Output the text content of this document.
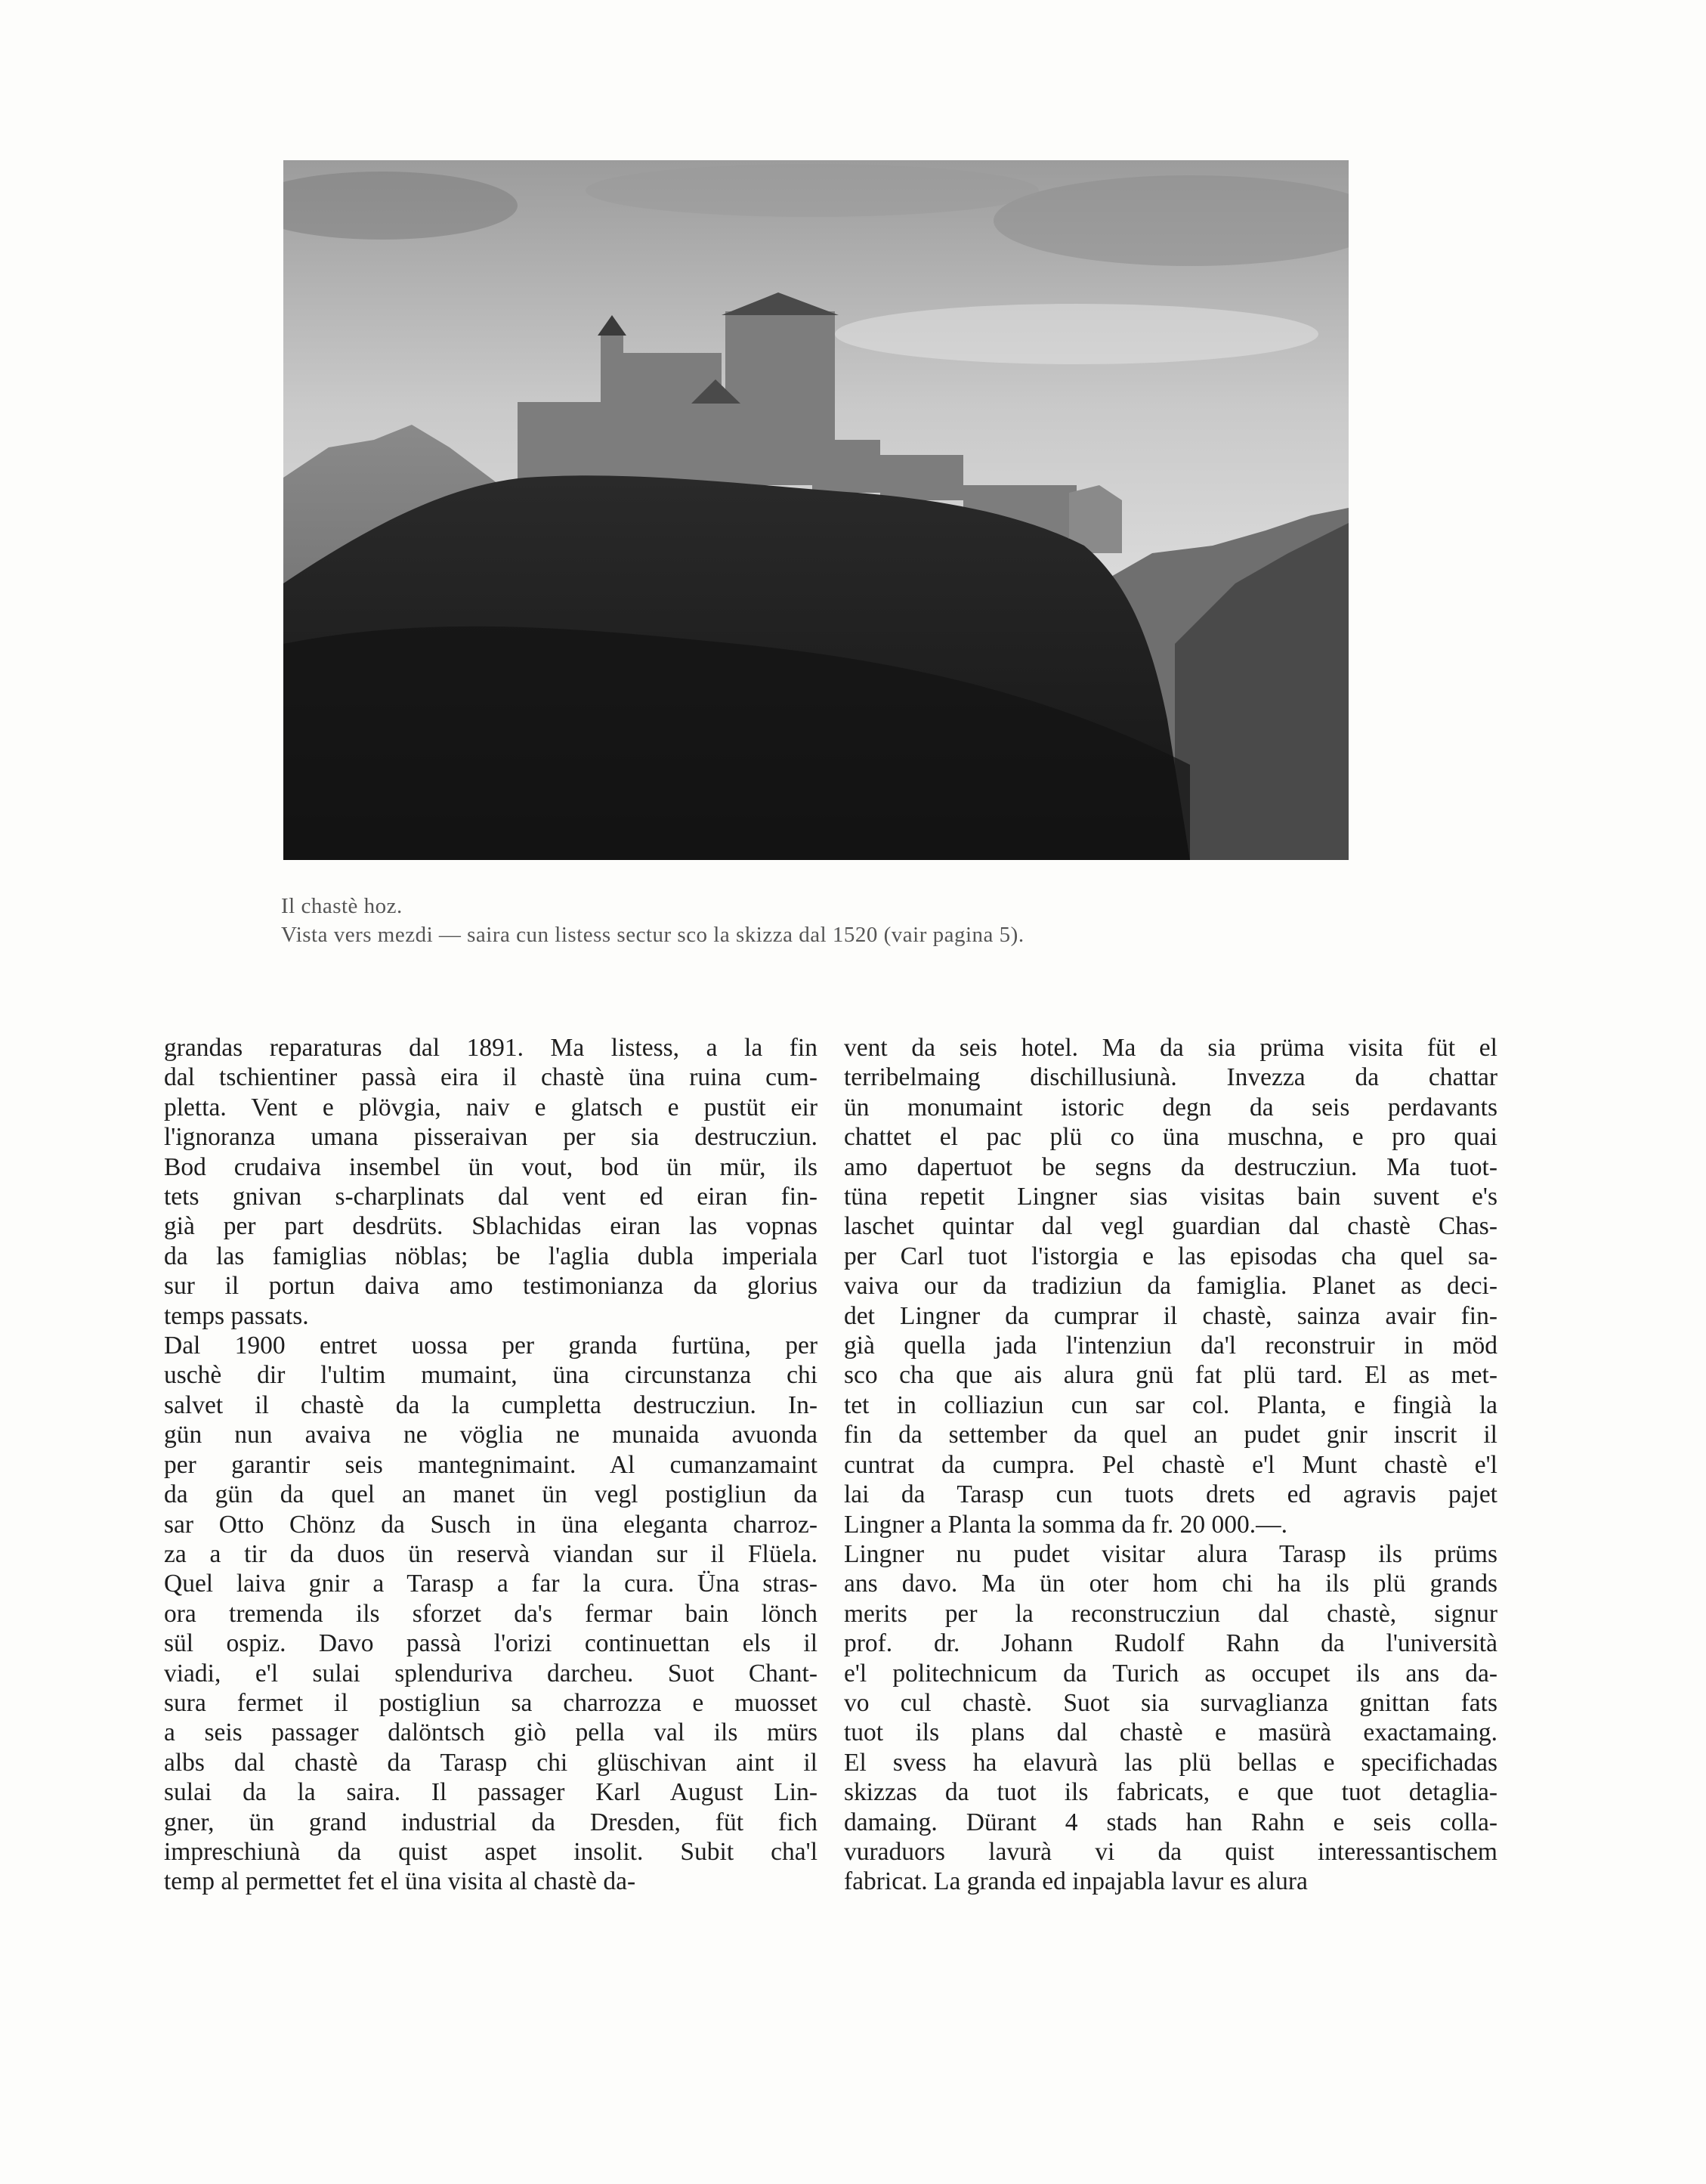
Il chastè hoz.
Vista vers mezdi — saira cun listess sectur sco la skizza dal 1520 (vair pagina 5).
grandas reparaturas dal 1891. Ma listess, a la fin
dal tschientiner passà eira il chastè üna ruina cum-
pletta. Vent e plövgia, naiv e glatsch e pustüt eir
l'ignoranza umana pisseraivan per sia destrucziun.
Bod crudaiva insembel ün vout, bod ün mür, ils
tets gnivan s-charplinats dal vent ed eiran fin-
già per part desdrüts. Sblachidas eiran las vopnas
da las famiglias nöblas; be l'aglia dubla imperiala
sur il portun daiva amo testimonianza da glorius
temps passats.
Dal 1900 entret uossa per granda furtüna, per
uschè dir l'ultim mumaint, üna circunstanza chi
salvet il chastè da la cumpletta destrucziun. In-
gün nun avaiva ne vöglia ne munaida avuonda
per garantir seis mantegnimaint. Al cumanzamaint
da gün da quel an manet ün vegl postigliun da
sar Otto Chönz da Susch in üna eleganta charroz-
za a tir da duos ün reservà viandan sur il Flüela.
Quel laiva gnir a Tarasp a far la cura. Üna stras-
ora tremenda ils sforzet da's fermar bain lönch
sül ospiz. Davo passà l'orizi continuettan els il
viadi, e'l sulai splenduriva darcheu. Suot Chant-
sura fermet il postigliun sa charrozza e muosset
a seis passager dalöntsch giò pella val ils mürs
albs dal chastè da Tarasp chi glüschivan aint il
sulai da la saira. Il passager Karl August Lin-
gner, ün grand industrial da Dresden, füt fich
impreschiunà da quist aspet insolit. Subit cha'l
temp al permettet fet el üna visita al chastè da-
vent da seis hotel. Ma da sia prüma visita füt el
terribelmaing dischillusiunà. Invezza da chattar
ün monumaint istoric degn da seis perdavants
chattet el pac plü co üna muschna, e pro quai
amo dapertuot be segns da destrucziun. Ma tuot-
tüna repetit Lingner sias visitas bain suvent e's
laschet quintar dal vegl guardian dal chastè Chas-
per Carl tuot l'istorgia e las episodas cha quel sa-
vaiva our da tradiziun da famiglia. Planet as deci-
det Lingner da cumprar il chastè, sainza avair fin-
già quella jada l'intenziun da'l reconstruir in möd
sco cha que ais alura gnü fat plü tard. El as met-
tet in colliaziun cun sar col. Planta, e fingià la
fin da settember da quel an pudet gnir inscrit il
cuntrat da cumpra. Pel chastè e'l Munt chastè e'l
lai da Tarasp cun tuots drets ed agravis pajet
Lingner a Planta la somma da fr. 20 000.—.
Lingner nu pudet visitar alura Tarasp ils prüms
ans davo. Ma ün oter hom chi ha ils plü grands
merits per la reconstrucziun dal chastè, signur
prof. dr. Johann Rudolf Rahn da l'università
e'l politechnicum da Turich as occupet ils ans da-
vo cul chastè. Suot sia survaglianza gnittan fats
tuot ils plans dal chastè e masürà exactamaing.
El svess ha elavurà las plü bellas e specifichadas
skizzas da tuot ils fabricats, e que tuot detaglia-
damaing. Dürant 4 stads han Rahn e seis colla-
vuraduors lavurà vi da quist interessantischem
fabricat. La granda ed inpajabla lavur es alura
